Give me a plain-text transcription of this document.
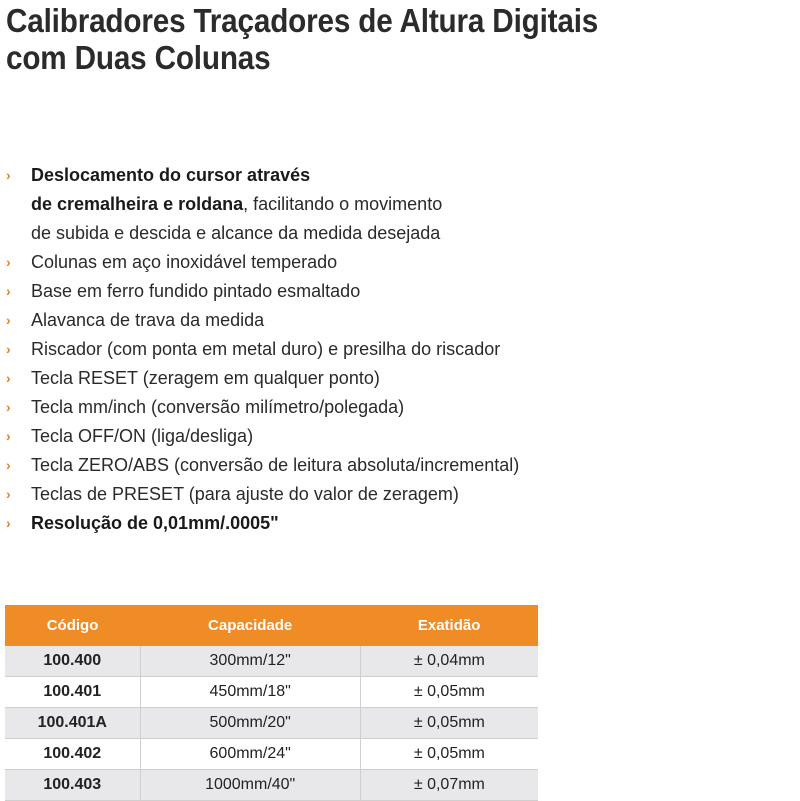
Calibradores Traçadores de Altura Digitais
com Duas Colunas
› Deslocamento do cursor através
de cremalheira e roldana, facilitando o movimento
de subida e descida e alcance da medida desejada
› Colunas em aço inoxidável temperado
› Base em ferro fundido pintado esmaltado
› Alavanca de trava da medida
› Riscador (com ponta em metal duro) e presilha do riscador
› Tecla RESET (zeragem em qualquer ponto)
› Tecla mm/inch (conversão milímetro/polegada)
› Tecla OFF/ON (liga/desliga)
› Tecla ZERO/ABS (conversão de leitura absoluta/incremental)
› Teclas de PRESET (para ajuste do valor de zeragem)
› Resolução de 0,01mm/.0005"
Código	Capacidade	Exatidão
100.400	300mm/12"	± 0,04mm
100.401	450mm/18"	± 0,05mm
100.401A	500mm/20"	± 0,05mm
100.402	600mm/24"	± 0,05mm
100.403	1000mm/40"	± 0,07mm
